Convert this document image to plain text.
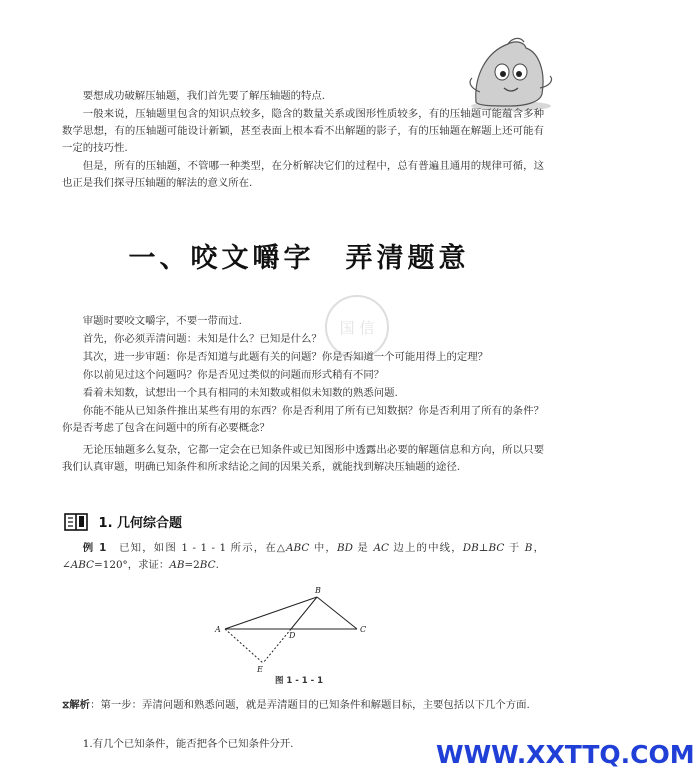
要想成功破解压轴题，我们首先要了解压轴题的特点.

一般来说，压轴题里包含的知识点较多，隐含的数量关系或图形性质较多，有的压轴题可能蕴含多种数学思想，有的压轴题可能设计新颖，甚至表面上根本看不出解题的影子，有的压轴题在解题上还可能有一定的技巧性.

但是，所有的压轴题，不管哪一种类型，在分析解决它们的过程中，总有普遍且通用的规律可循，这也正是我们探寻压轴题的解法的意义所在.

一、咬文嚼字　弄清题意
国 信

审题时要咬文嚼字，不要一带而过.

首先，你必须弄清问题：未知是什么？已知是什么？

其次，进一步审题：你是否知道与此题有关的问题？你是否知道一个可能用得上的定理？

你以前见过这个问题吗？你是否见过类似的问题而形式稍有不同？

看着未知数，试想出一个具有相同的未知数或相似未知数的熟悉问题.

你能不能从已知条件推出某些有用的东西？你是否利用了所有已知数据？你是否利用了所有的条件？你是否考虑了包含在问题中的所有必要概念？

无论压轴题多么复杂，它都一定会在已知条件或已知图形中透露出必要的解题信息和方向，所以只要我们认真审题，明确已知条件和所求结论之间的因果关系，就能找到解决压轴题的途径.

1. 几何综合题

例 1　 已知，如图 1 - 1 - 1 所示，在△ABC 中，BD 是 AC 边上的中线，DB⊥BC 于 B，∠ABC=120°，求证：AB=2BC.

A
B
C
D
E
图 1 - 1 - 1

⧖解析：第一步：弄清问题和熟悉问题，就是弄清题目的已知条件和解题目标，主要包括以下几个方面.

1.有几个已知条件，能否把各个已知条件分开.	WWW.XXTTQ.COM
